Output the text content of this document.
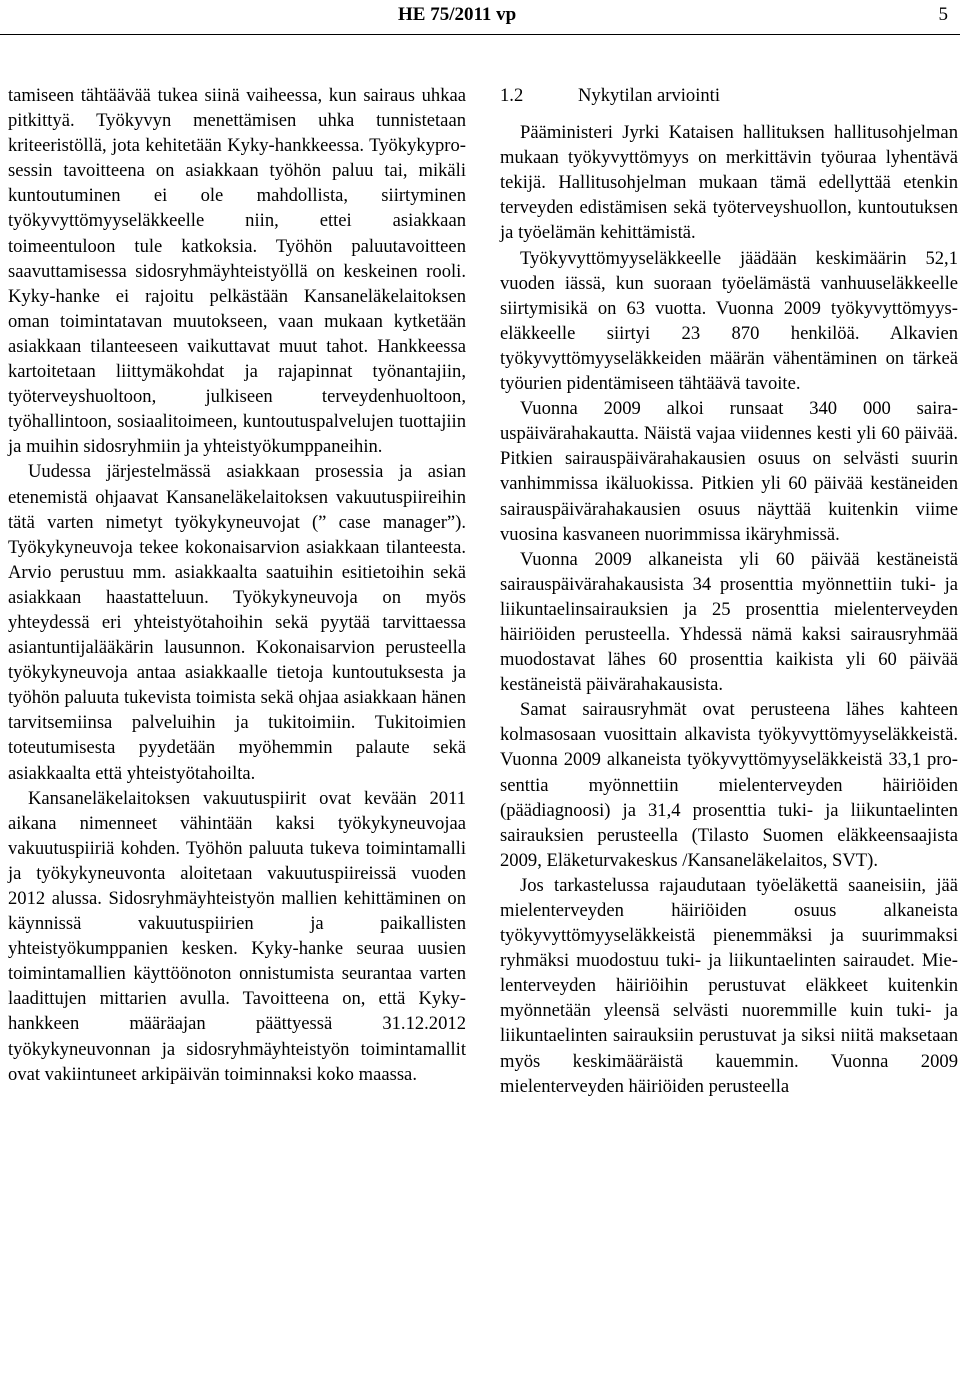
HE 75/2011 vp	5

tamiseen tähtäävää tukea siinä vaiheessa, kun sairaus uhkaa pitkittyä. Työkyvyn menettämisen uhka tunnistetaan kriteeristöllä, jota kehitetään Kyky-hankkeessa. Työkykyprosessin tavoitteena on asiakkaan työhön paluu tai, mikäli kuntoutuminen ei ole mahdollista, siirtyminen työkyvyttömyyseläkkeelle niin, ettei asiakkaan toimeentuloon tule katkoksia. Työhön paluutavoitteen saavuttamisessa sidosryhmäyhteistyöllä on keskeinen rooli. Kyky-hanke ei rajoitu pelkästään Kansaneläkelaitoksen oman toimintatavan muutokseen, vaan mukaan kytketään asiakkaan tilanteeseen vaikuttavat muut tahot. Hankkeessa kartoitetaan liittymäkohdat ja rajapinnat työnantajiin, työterveyshuoltoon, julkiseen terveydenhuoltoon, työhallintoon, sosiaalitoimeen, kuntoutuspalvelujen tuottajiin ja muihin sidosryhmiin ja yhteistyökumppaneihin.

Uudessa järjestelmässä asiakkaan prosessia ja asian etenemistä ohjaavat Kansaneläkelaitoksen vakuutuspiireihin tätä varten nimetyt työkykyneuvojat (” case manager”). Työkykyneuvoja tekee kokonaisarvion asiakkaan tilanteesta. Arvio perustuu mm. asiakkaalta saatuihin esitietoihin sekä asiakkaan haastatteluun. Työkykyneuvoja on myös yhteydessä eri yhteistyötahoihin sekä pyytää tarvittaessa asiantuntijalääkärin lausunnon. Kokonaisarvion perusteella työkykyneuvoja antaa asiakkaalle tietoja kuntoutuksesta ja työhön paluuta tukevista toimista sekä ohjaa asiakkaan hänen tarvitsemiinsa palveluihin ja tukitoimiin. Tukitoimien toteutumisesta pyydetään myöhemmin palaute sekä asiakkaalta että yhteistyötahoilta.

Kansaneläkelaitoksen vakuutuspiirit ovat kevään 2011 aikana nimenneet vähintään kaksi työkykyneuvojaa vakuutuspiiriä kohden. Työhön paluuta tukeva toimintamalli ja työkykyneuvonta aloitetaan vakuutuspiireissä vuoden 2012 alussa. Sidosryhmäyhteistyön mallien kehittäminen on käynnissä vakuutuspiirien ja paikallisten yhteistyökumppanien kesken. Kyky-hanke seuraa uusien toimintamallien käyttöönoton onnistumista seurantaa varten laadittujen mittarien avulla. Tavoitteena on, että Kyky-hankkeen määräajan päättyessä 31.12.2012 työkykyneuvonnan ja sidosryhmäyhteistyön toimintamallit ovat vakiintuneet arkipäivän toiminnaksi koko maassa.

1.2	Nykytilan arviointi

Pääministeri Jyrki Kataisen hallituksen hallitusohjelman mukaan työkyvyttömyys on merkittävin työuraa lyhentävä tekijä. Hallitusohjelman mukaan tämä edellyttää etenkin terveyden edistämisen sekä työterveyshuollon, kuntoutuksen ja työelämän kehittämistä.

Työkyvyttömyyseläkkeelle jäädään keskimäärin 52,1 vuoden iässä, kun suoraan työelämästä vanhuuseläkkeelle siirtymisikä on 63 vuotta. Vuonna 2009 työkyvyttömyyseläkkeelle siirtyi 23 870 henkilöä. Alkavien työkyvyttömyyseläkkeiden määrän vähentäminen on tärkeä työurien pidentämiseen tähtäävä tavoite.

Vuonna 2009 alkoi runsaat 340 000 sairauspäivärahakautta. Näistä vajaa viidennes kesti yli 60 päivää. Pitkien sairauspäivärahakausien osuus on selvästi suurin vanhimmissa ikäluokissa. Pitkien yli 60 päivää kestäneiden sairauspäivärahakausien osuus näyttää kuitenkin viime vuosina kasvaneen nuorimmissa ikäryhmissä.

Vuonna 2009 alkaneista yli 60 päivää kestäneistä sairauspäivärahakausista 34 prosenttia myönnettiin tuki- ja liikuntaelinsairauksien ja 25 prosenttia mielenterveyden häiriöiden perusteella. Yhdessä nämä kaksi sairausryhmää muodostavat lähes 60 prosenttia kaikista yli 60 päivää kestäneistä päivärahakausista.

Samat sairausryhmät ovat perusteena lähes kahteen kolmasosaan vuosittain alkavista työkyvyttömyyseläkkeistä. Vuonna 2009 alkaneista työkyvyttömyyseläkkeistä 33,1 prosenttia myönnettiin mielenterveyden häiriöiden (päädiagnoosi) ja 31,4 prosenttia tuki- ja liikuntaelinten sairauksien perusteella (Tilasto Suomen eläkkeensaajista 2009, Eläketurvakeskus /Kansaneläkelaitos, SVT).

Jos tarkastelussa rajaudutaan työeläkettä saaneisiin, jää mielenterveyden häiriöiden osuus alkaneista työkyvyttömyyseläkkeistä pienemmäksi ja suurimmaksi ryhmäksi muodostuu tuki- ja liikuntaelinten sairaudet. Mielenterveyden häiriöihin perustuvat eläkkeet kuitenkin myönnetään yleensä selvästi nuoremmille kuin tuki- ja liikuntaelinten sairauksiin perustuvat ja siksi niitä maksetaan myös keskimääräistä kauemmin. Vuonna 2009 mielenterveyden häiriöiden perusteella
